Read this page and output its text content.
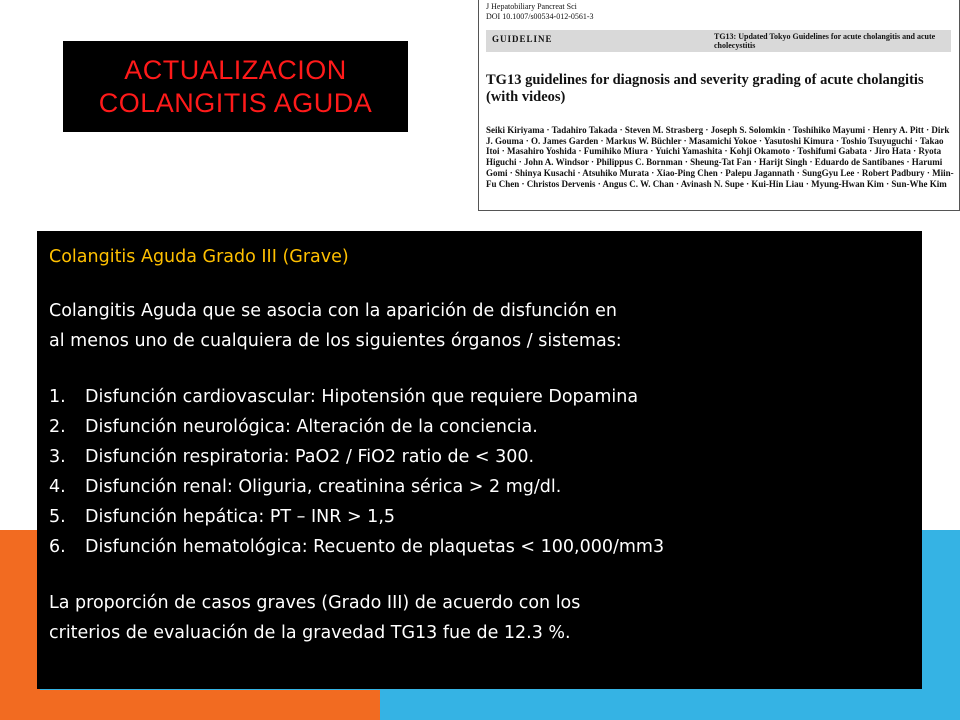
ACTUALIZACION
COLANGITIS AGUDA
J Hepatobiliary Pancreat Sci
DOI 10.1007/s00534-012-0561-3
GUIDELINE	TG13: Updated Tokyo Guidelines for acute cholangitis and acute cholecystitis
TG13 guidelines for diagnosis and severity grading of acute cholangitis (with videos)
Seiki Kiriyama · Tadahiro Takada · Steven M. Strasberg · Joseph S. Solomkin · Toshihiko Mayumi · Henry A. Pitt · Dirk J. Gouma · O. James Garden · Markus W. Büchler · Masamichi Yokoe · Yasutoshi Kimura · Toshio Tsuyuguchi · Takao Itoi · Masahiro Yoshida · Fumihiko Miura · Yuichi Yamashita · Kohji Okamoto · Toshifumi Gabata · Jiro Hata · Ryota Higuchi · John A. Windsor · Philippus C. Bornman · Sheung-Tat Fan · Harijt Singh · Eduardo de Santibanes · Harumi Gomi · Shinya Kusachi · Atsuhiko Murata · Xiao-Ping Chen · Palepu Jagannath · SungGyu Lee · Robert Padbury · Miin-Fu Chen · Christos Dervenis · Angus C. W. Chan · Avinash N. Supe · Kui-Hin Liau · Myung-Hwan Kim · Sun-Whe Kim
Colangitis Aguda Grado III (Grave)
Colangitis Aguda que se asocia con la aparición de disfunción en
al menos uno de cualquiera de los siguientes órganos / sistemas:
1. Disfunción cardiovascular: Hipotensión que requiere Dopamina
2. Disfunción neurológica: Alteración de la conciencia.
3. Disfunción respiratoria: PaO2 / FiO2 ratio de < 300.
4. Disfunción renal: Oliguria, creatinina sérica > 2 mg/dl.
5. Disfunción hepática: PT – INR > 1,5
6. Disfunción hematológica: Recuento de plaquetas < 100,000/mm3
La proporción de casos graves (Grado III) de acuerdo con los
criterios de evaluación de la gravedad TG13 fue de 12.3 %.
